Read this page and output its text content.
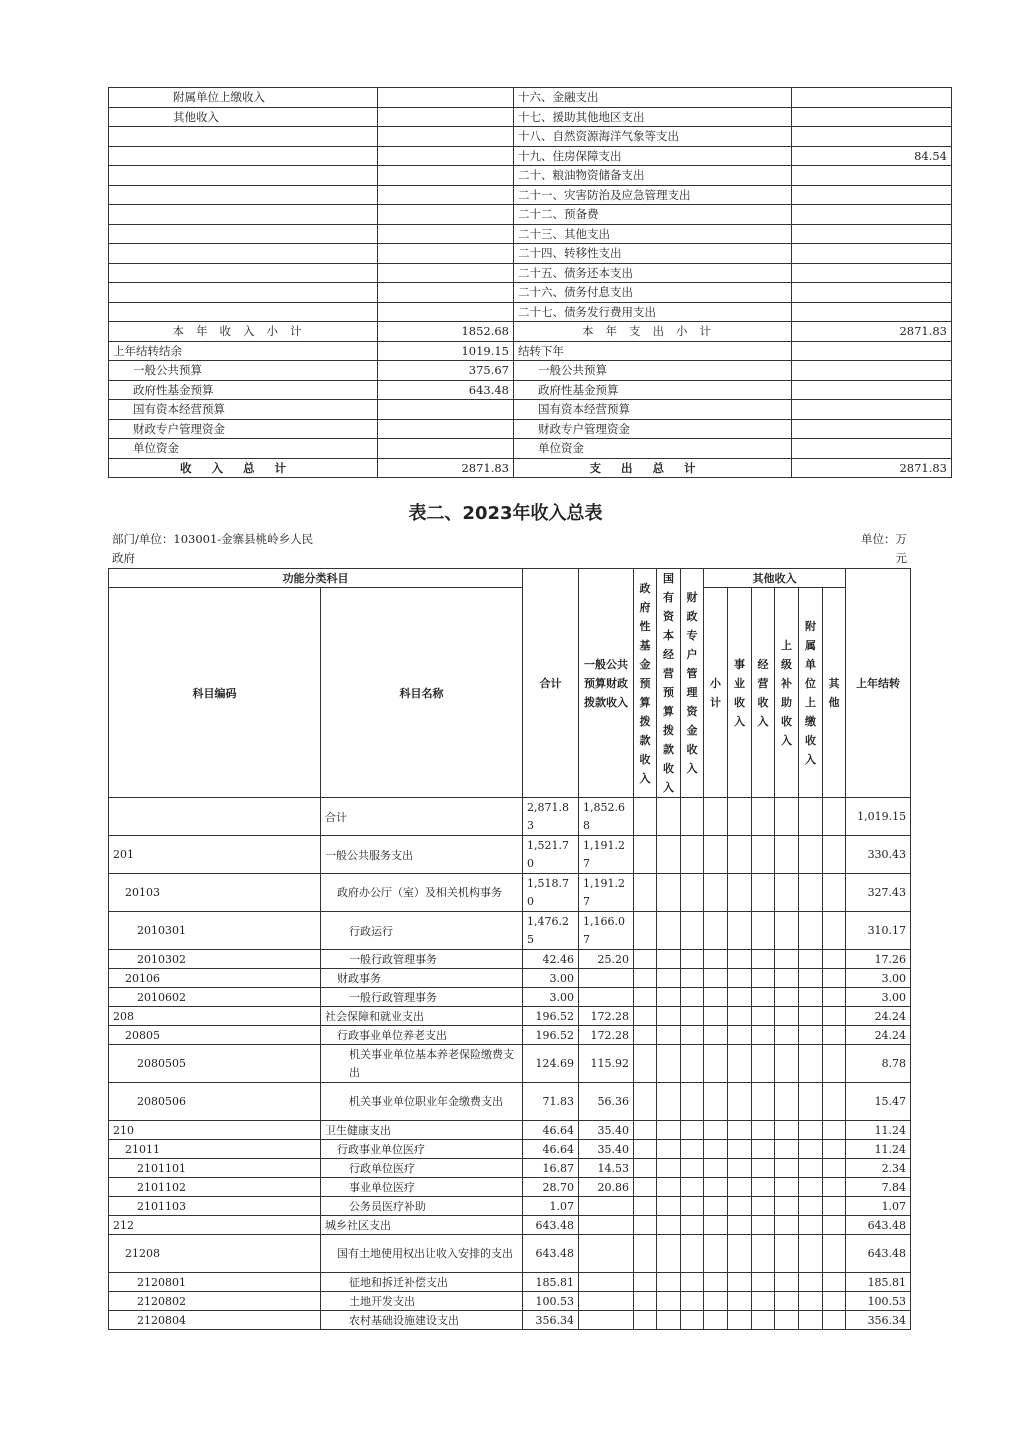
附属单位上缴收入		十六、金融支出	
其他收入		十七、援助其他地区支出	
		十八、自然资源海洋气象等支出	
		十九、住房保障支出	84.54
		二十、粮油物资储备支出	
		二十一、灾害防治及应急管理支出	
		二十二、预备费	
		二十三、其他支出	
		二十四、转移性支出	
		二十五、债务还本支出	
		二十六、债务付息支出	
		二十七、债务发行费用支出	
本年收入小计	1852.68	本年支出小计	2871.83
上年结转结余	1019.15	结转下年	
一般公共预算	375.67	一般公共预算	
政府性基金预算	643.48	政府性基金预算	
国有资本经营预算		国有资本经营预算	
财政专户管理资金		财政专户管理资金	
单位资金		单位资金	
收入总计	2871.83	支出总计	2871.83
表二、2023年收入总表
部门/单位：103001-金寨县桃岭乡人民政府
单位：万元
功能分类科目		合计	一般公共预算财政拨款收入	政府性基金预算拨款收入	国有资本经营预算拨款收入	财政专户管理资金收入	其他收入						上年结转
科目编码	科目名称						小计	事业收入	经营收入	上级补助收入	附属单位上缴收入	其他	

	合计	2,871.83	1,852.68										1,019.15
201	一般公共服务支出	1,521.70	1,191.27										330.43
20103	政府办公厅（室）及相关机构事务	1,518.70	1,191.27										327.43
2010301	行政运行	1,476.25	1,166.07										310.17
2010302	一般行政管理事务	42.46	25.20										17.26
20106	财政事务	3.00											3.00
2010602	一般行政管理事务	3.00											3.00
208	社会保障和就业支出	196.52	172.28										24.24
20805	行政事业单位养老支出	196.52	172.28										24.24
2080505	机关事业单位基本养老保险缴费支出	124.69	115.92										8.78
2080506	机关事业单位职业年金缴费支出	71.83	56.36										15.47
210	卫生健康支出	46.64	35.40										11.24
21011	行政事业单位医疗	46.64	35.40										11.24
2101101	行政单位医疗	16.87	14.53										2.34
2101102	事业单位医疗	28.70	20.86										7.84
2101103	公务员医疗补助	1.07											1.07
212	城乡社区支出	643.48											643.48
21208	国有土地使用权出让收入安排的支出	643.48											643.48
2120801	征地和拆迁补偿支出	185.81											185.81
2120802	土地开发支出	100.53											100.53
2120804	农村基础设施建设支出	356.34											356.34
